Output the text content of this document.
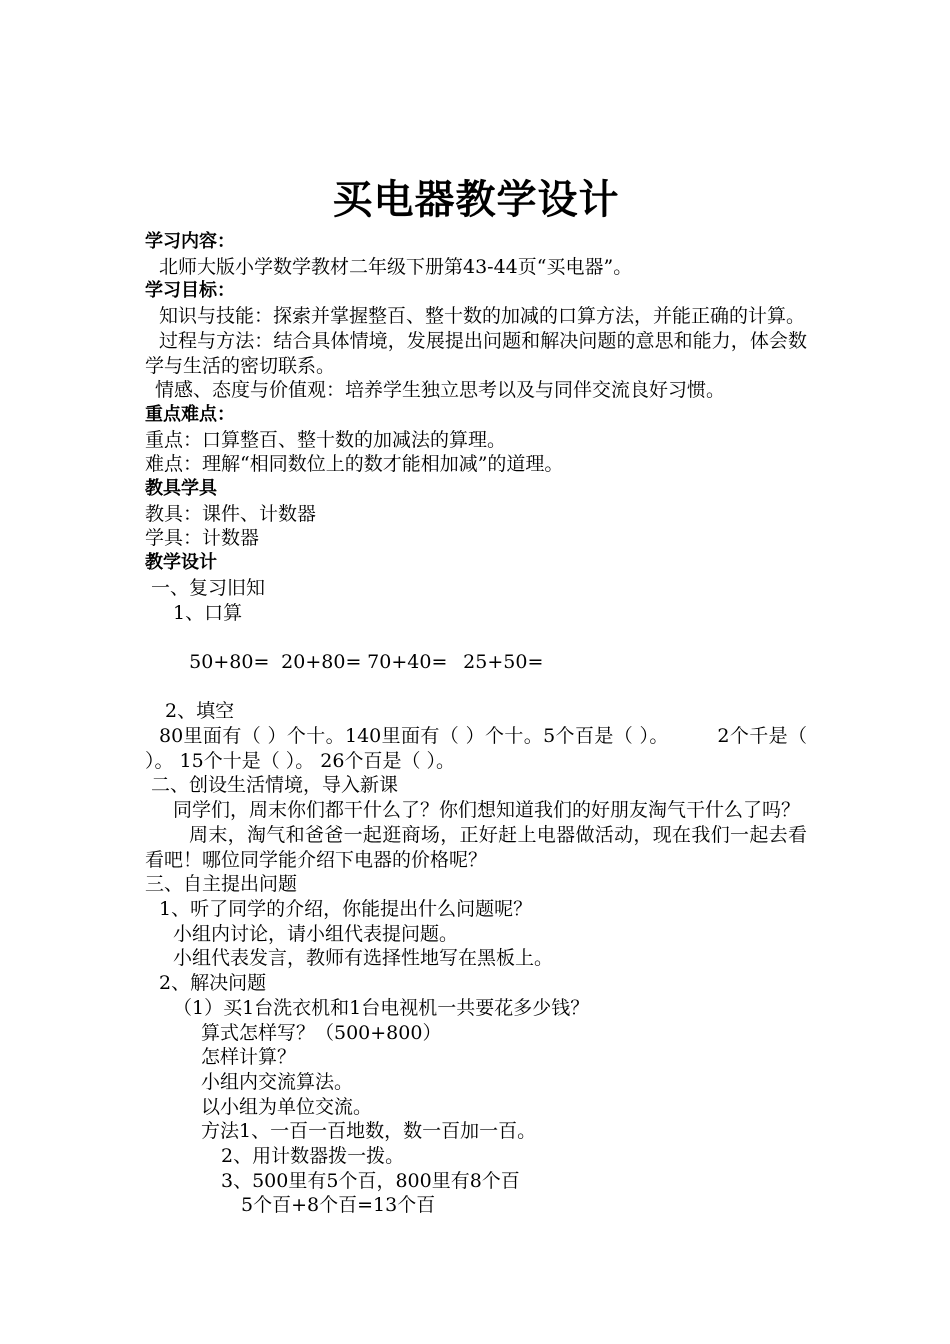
买电器教学设计

学习内容：

北师大版小学数学教材二年级下册第43-44页“买电器”。

学习目标：

知识与技能：探索并掌握整百、整十数的加减的口算方法，并能正确的计算。

过程与方法：结合具体情境，发展提出问题和解决问题的意思和能力，体会数学与生活的密切联系。

情感、态度与价值观：培养学生独立思考以及与同伴交流良好习惯。

重点难点：

重点：口算整百、整十数的加减法的算理。

难点：理解“相同数位上的数才能相加减”的道理。

教具学具

教具：课件、计数器

学具：计数器

教学设计

一、复习旧知

1、口算

50+80= 20+80= 70+40= 25+50=

2、填空

80里面有（ ）个十。140里面有（ ）个十。5个百是（ ）。　　　2个千是（ ）。 15个十是（ ）。 26个百是（ ）。

二、创设生活情境，导入新课

同学们，周末你们都干什么了？你们想知道我们的好朋友淘气干什么了吗？

周末，淘气和爸爸一起逛商场，正好赶上电器做活动，现在我们一起去看看吧！哪位同学能介绍下电器的价格呢？

三、自主提出问题

1、听了同学的介绍，你能提出什么问题呢？

小组内讨论，请小组代表提问题。

小组代表发言，教师有选择性地写在黑板上。

2、解决问题

（1）买1台洗衣机和1台电视机一共要花多少钱？

算式怎样写？（500+800）

怎样计算？

小组内交流算法。

以小组为单位交流。

方法1、一百一百地数，数一百加一百。

2、用计数器拨一拨。

3、500里有5个百，800里有8个百

5个百+8个百=13个百
